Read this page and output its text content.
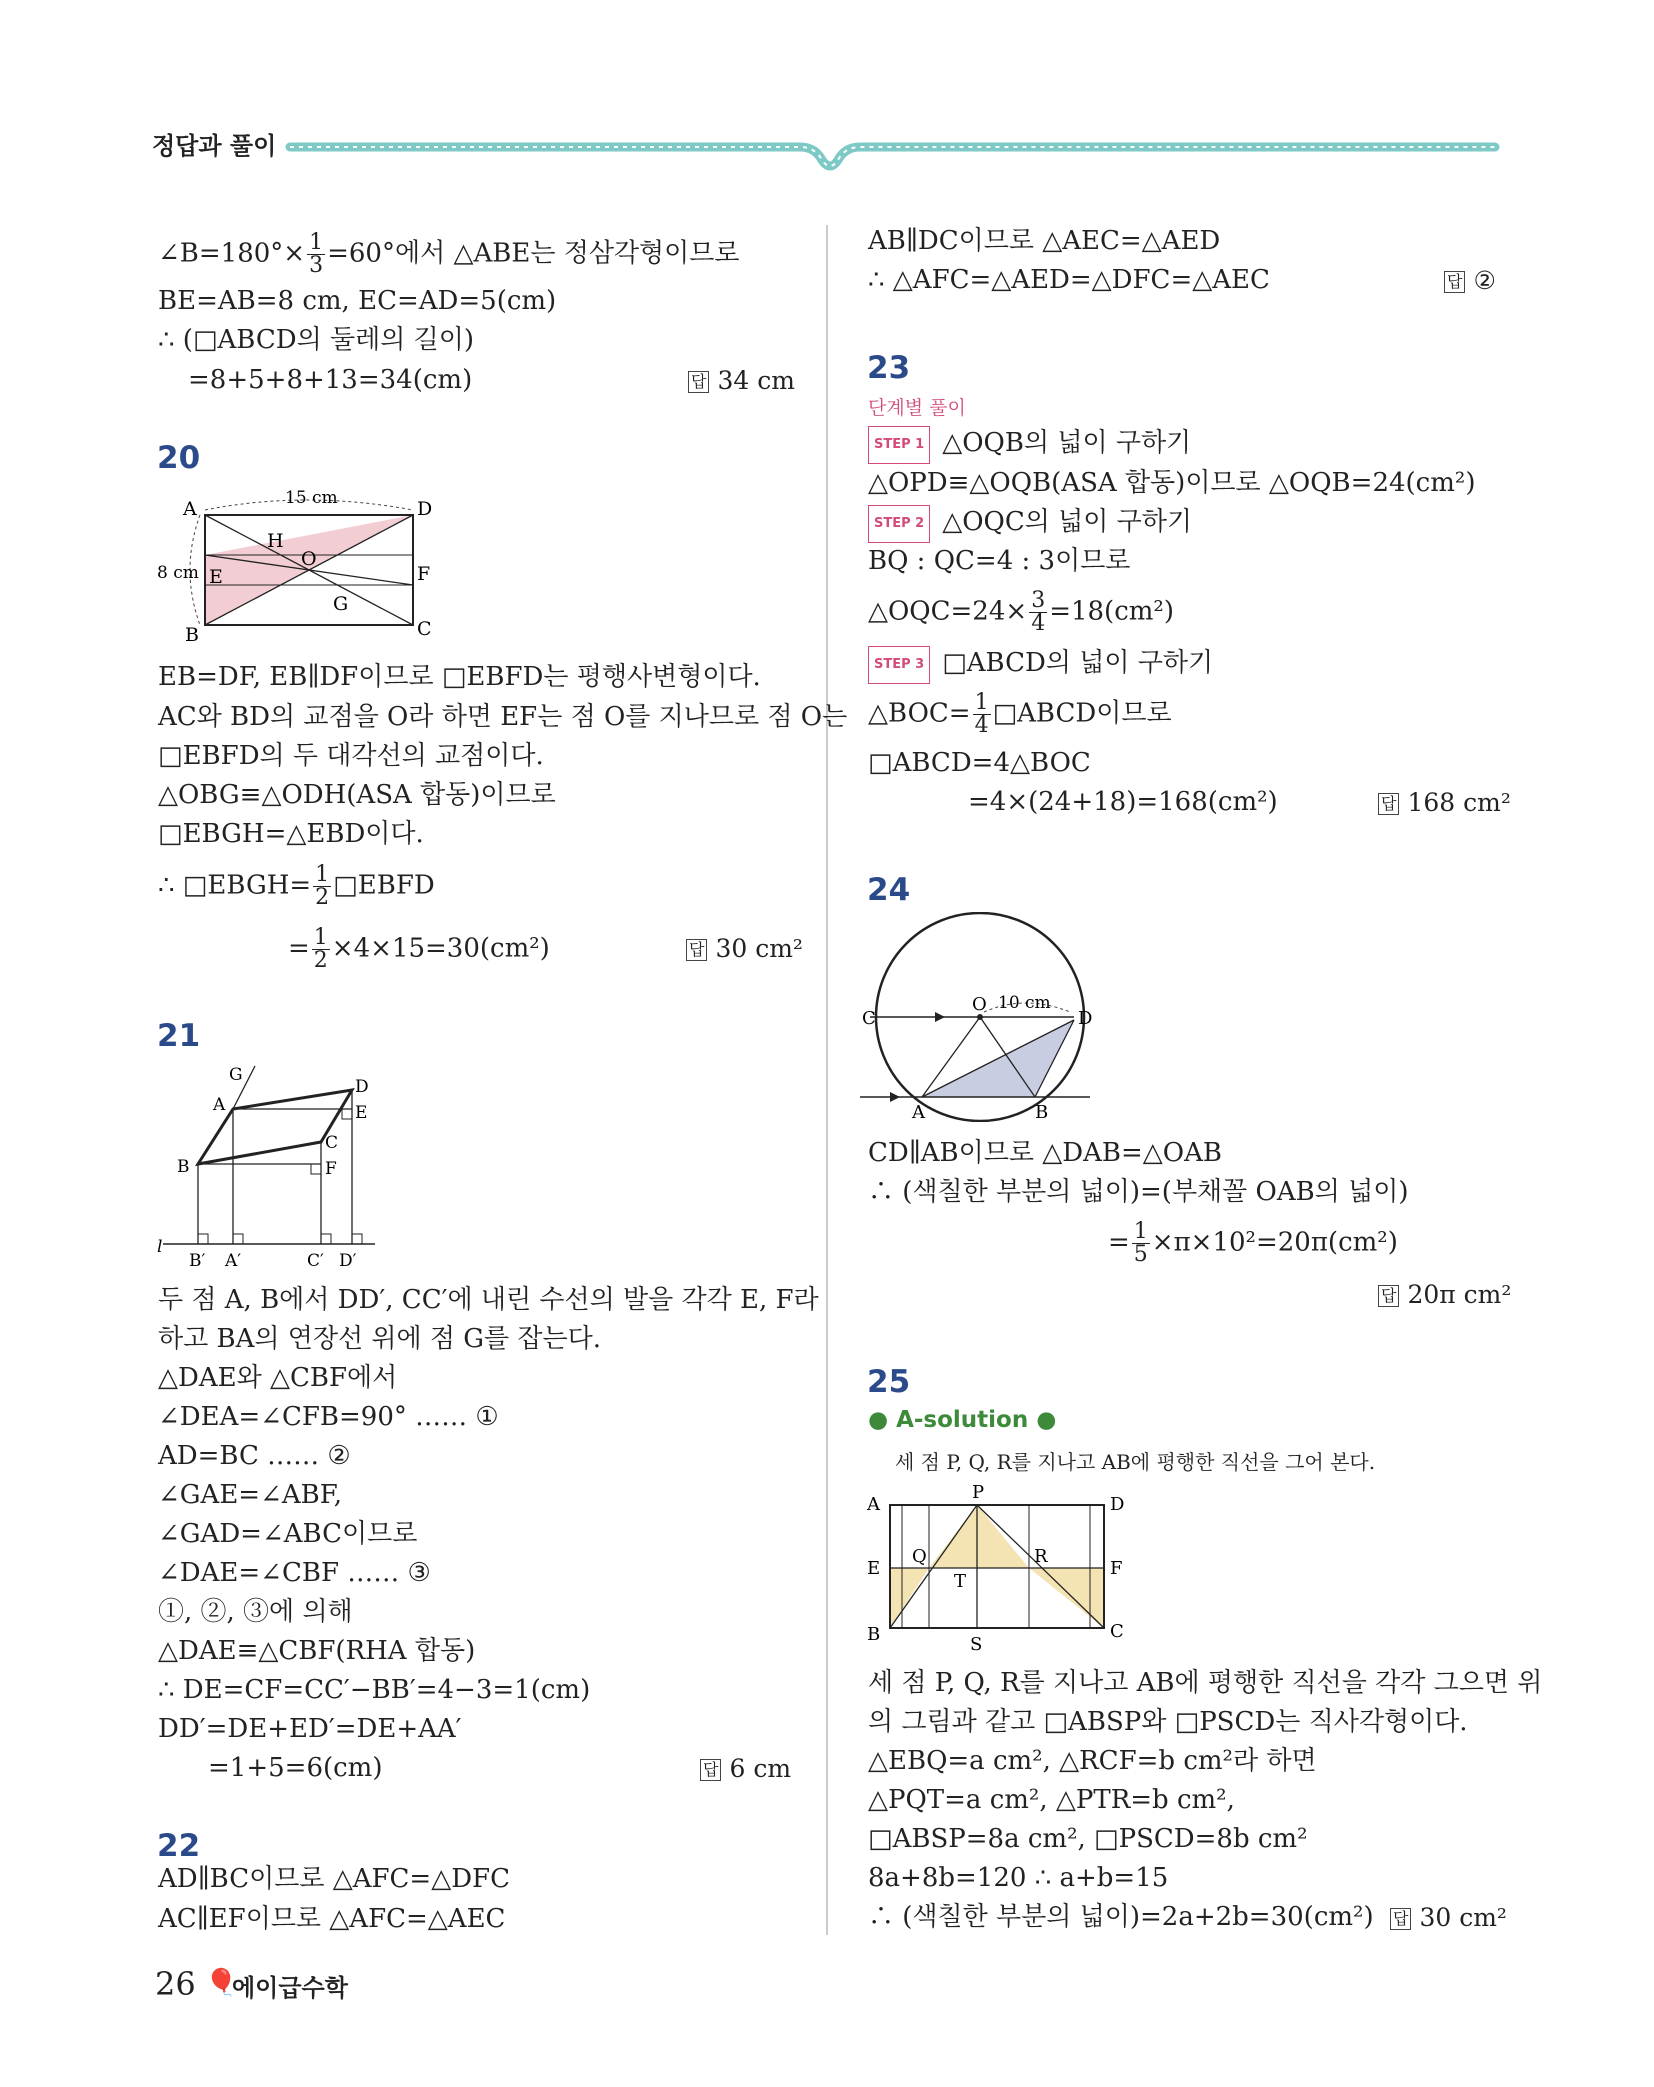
정답과 풀이
∠B=180°× $\frac{1}{3} =60^\circ$에서 △ABE는 정삼각형이므로
BE=AB=8 cm, EC=AD=5(cm)
∴ (□ABCD의 둘레의 길이)
=8+5+8+13=34(cm)	답 34 cm
20
15 cm
8 cm
A	D
H
O
E	F
G
B	C
EB=DF, EB∥DF이므로 □EBFD는 평행사변형이다.
AC와 BD의 교점을 O라 하면 EF는 점 O를 지나므로 점 O는
□EBFD의 두 대각선의 교점이다.
△OBG≡△ODH(ASA 합동)이므로
□EBGH=△EBD이다.
∴ □EBGH= $\frac{1}{2}$ □EBFD
= $\frac{1}{2} \times 4\times 15=30(cm^2)$	답 30 cm²
21
G
A
D
E
C
F
B
l
B′ A′	C′ D′
두 점 A, B에서 DD′, CC′에 내린 수선의 발을 각각 E, F라
하고 BA의 연장선 위에 점 G를 잡는다.
△DAE와 △CBF에서
∠DEA=∠CFB=90° …… ①
AD=BC …… ②
∠GAE=∠ABF,
∠GAD=∠ABC이므로
∠DAE=∠CBF …… ③
①, ②, ③에 의해
△DAE≡△CBF(RHA 합동)
∴ DE=CF=CC′−BB′=4−3=1(cm)
DD′=DE+ED′=DE+AA′
=1+5=6(cm)	답 6 cm
22
AD∥BC이므로 △AFC=△DFC
AC∥EF이므로 △AFC=△AEC
AB∥DC이므로 △AEC=△AED
∴ △AFC=△AED=△DFC=△AEC	답 ②
23
단계별 풀이
STEP 1 △OQB의 넓이 구하기
△OPD≡△OQB(ASA 합동)이므로 △OQB=24(cm²)
STEP 2 △OQC의 넓이 구하기
BQ : QC=4 : 3이므로
△OQC=24× $\frac{3}{4} =18(cm^2)$
STEP 3 □ABCD의 넓이 구하기
△BOC= $\frac{1}{4}$ □ABCD이므로
□ABCD=4△BOC
=4×(24+18)=168(cm²)	답 168 cm²
24
C
O 10 cm
D
A	B
CD∥AB이므로 △DAB=△OAB
∴ (색칠한 부분의 넓이)=(부채꼴 OAB의 넓이)
= $\frac{1}{5} \times\pi\times 10^2=20\pi(cm^2)$
답 20π cm²
25
● A-solution ●
세 점 P, Q, R를 지나고 AB에 평행한 직선을 그어 본다.
A
P
D
E
Q	R
F
T
B	S
C
세 점 P, Q, R를 지나고 AB에 평행한 직선을 각각 그으면 위
의 그림과 같고 □ABSP와 □PSCD는 직사각형이다.
△EBQ=a cm², △RCF=b cm²라 하면
△PQT=a cm², △PTR=b cm²,
□ABSP=8a cm², □PSCD=8b cm²
8a+8b=120 ∴ a+b=15
∴ (색칠한 부분의 넓이)=2a+2b=30(cm²) 답 30 cm²
26 🎈
에이급수학
